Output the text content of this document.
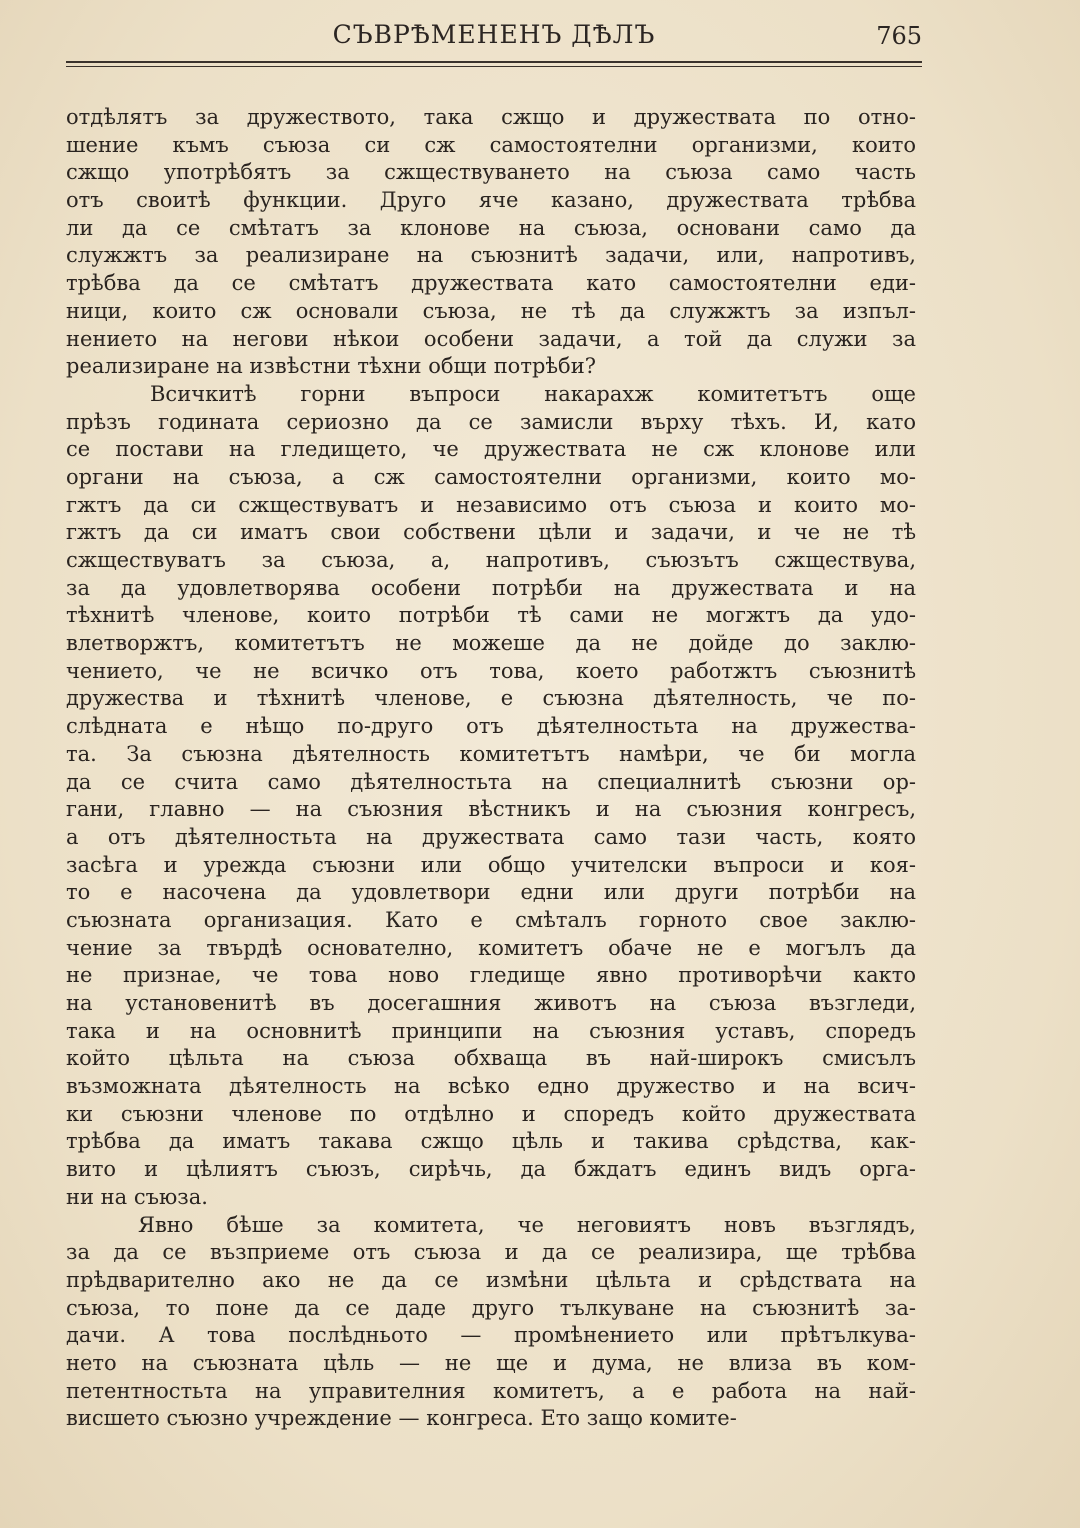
СЪВРѢМЕНЕНЪ ДѢЛЪ	765
отдѣлятъ за дружеството, така сжщо и дружествата по отно-
шение къмъ съюза си сж самостоятелни организми, които
сжщо употрѣбятъ за сжществуването на съюза само часть
отъ своитѣ функции. Друго яче казано, дружествата трѣбва
ли да се смѣтатъ за клонове на съюза, основани само да
служжтъ за реализиране на съюзнитѣ задачи, или, напротивъ,
трѣбва да се смѣтатъ дружествата като самостоятелни еди-
ници, които сж основали съюза, не тѣ да служжтъ за изпъл-
нението на негови нѣкои особени задачи, а той да служи за
реализиране на извѣстни тѣхни общи потрѣби?
Всичкитѣ горни въпроси накарахж комитетътъ още
прѣзъ годината сериозно да се замисли върху тѣхъ. И, като
се постави на гледището, че дружествата не сж клонове или
органи на съюза, а сж самостоятелни организми, които мо-
гжтъ да си сжществуватъ и независимо отъ съюза и които мо-
гжтъ да си иматъ свои собствени цѣли и задачи, и че не тѣ
сжществуватъ за съюза, а, напротивъ, съюзътъ сжществува,
за да удовлетворява особени потрѣби на дружествата и на
тѣхнитѣ членове, които потрѣби тѣ сами не могжтъ да удо-
влетворжтъ, комитетътъ не можеше да не дойде до заклю-
чението, че не всичко отъ това, което работжтъ съюзнитѣ
дружества и тѣхнитѣ членове, е съюзна дѣятелность, че по-
слѣдната е нѣщо по-друго отъ дѣятелностьта на дружества-
та. За съюзна дѣятелность комитетътъ намѣри, че би могла
да се счита само дѣятелностьта на специалнитѣ съюзни ор-
гани, главно — на съюзния вѣстникъ и на съюзния конгресъ,
а отъ дѣятелностьта на дружествата само тази часть, която
засѣга и урежда съюзни или общо учителски въпроси и коя-
то е насочена да удовлетвори едни или други потрѣби на
съюзната организация. Като е смѣталъ горното свое заклю-
чение за твърдѣ основателно, комитетъ обаче не е могълъ да
не признае, че това ново гледище явно противорѣчи както
на установенитѣ въ досегашния животъ на съюза възгледи,
така и на основнитѣ принципи на съюзния уставъ, споредъ
който цѣльта на съюза обхваща въ най-широкъ смисълъ
възможната дѣятелность на всѣко едно дружество и на всич-
ки съюзни членове по отдѣлно и споредъ който дружествата
трѣбва да иматъ такава сжщо цѣль и такива срѣдства, как-
вито и цѣлиятъ съюзъ, сирѣчь, да бждатъ единъ видъ орга-
ни на съюза.
Явно бѣше за комитета, че неговиятъ новъ възглядъ,
за да се възприеме отъ съюза и да се реализира, ще трѣбва
прѣдварително ако не да се измѣни цѣльта и срѣдствата на
съюза, то поне да се даде друго тълкуване на съюзнитѣ за-
дачи. А това послѣдньото — промѣнението или прѣтълкува-
нето на съюзната цѣль — не ще и дума, не влиза въ ком-
петентностьта на управителния комитетъ, а е работа на най-
висшето съюзно учреждение — конгреса. Ето защо комите-
